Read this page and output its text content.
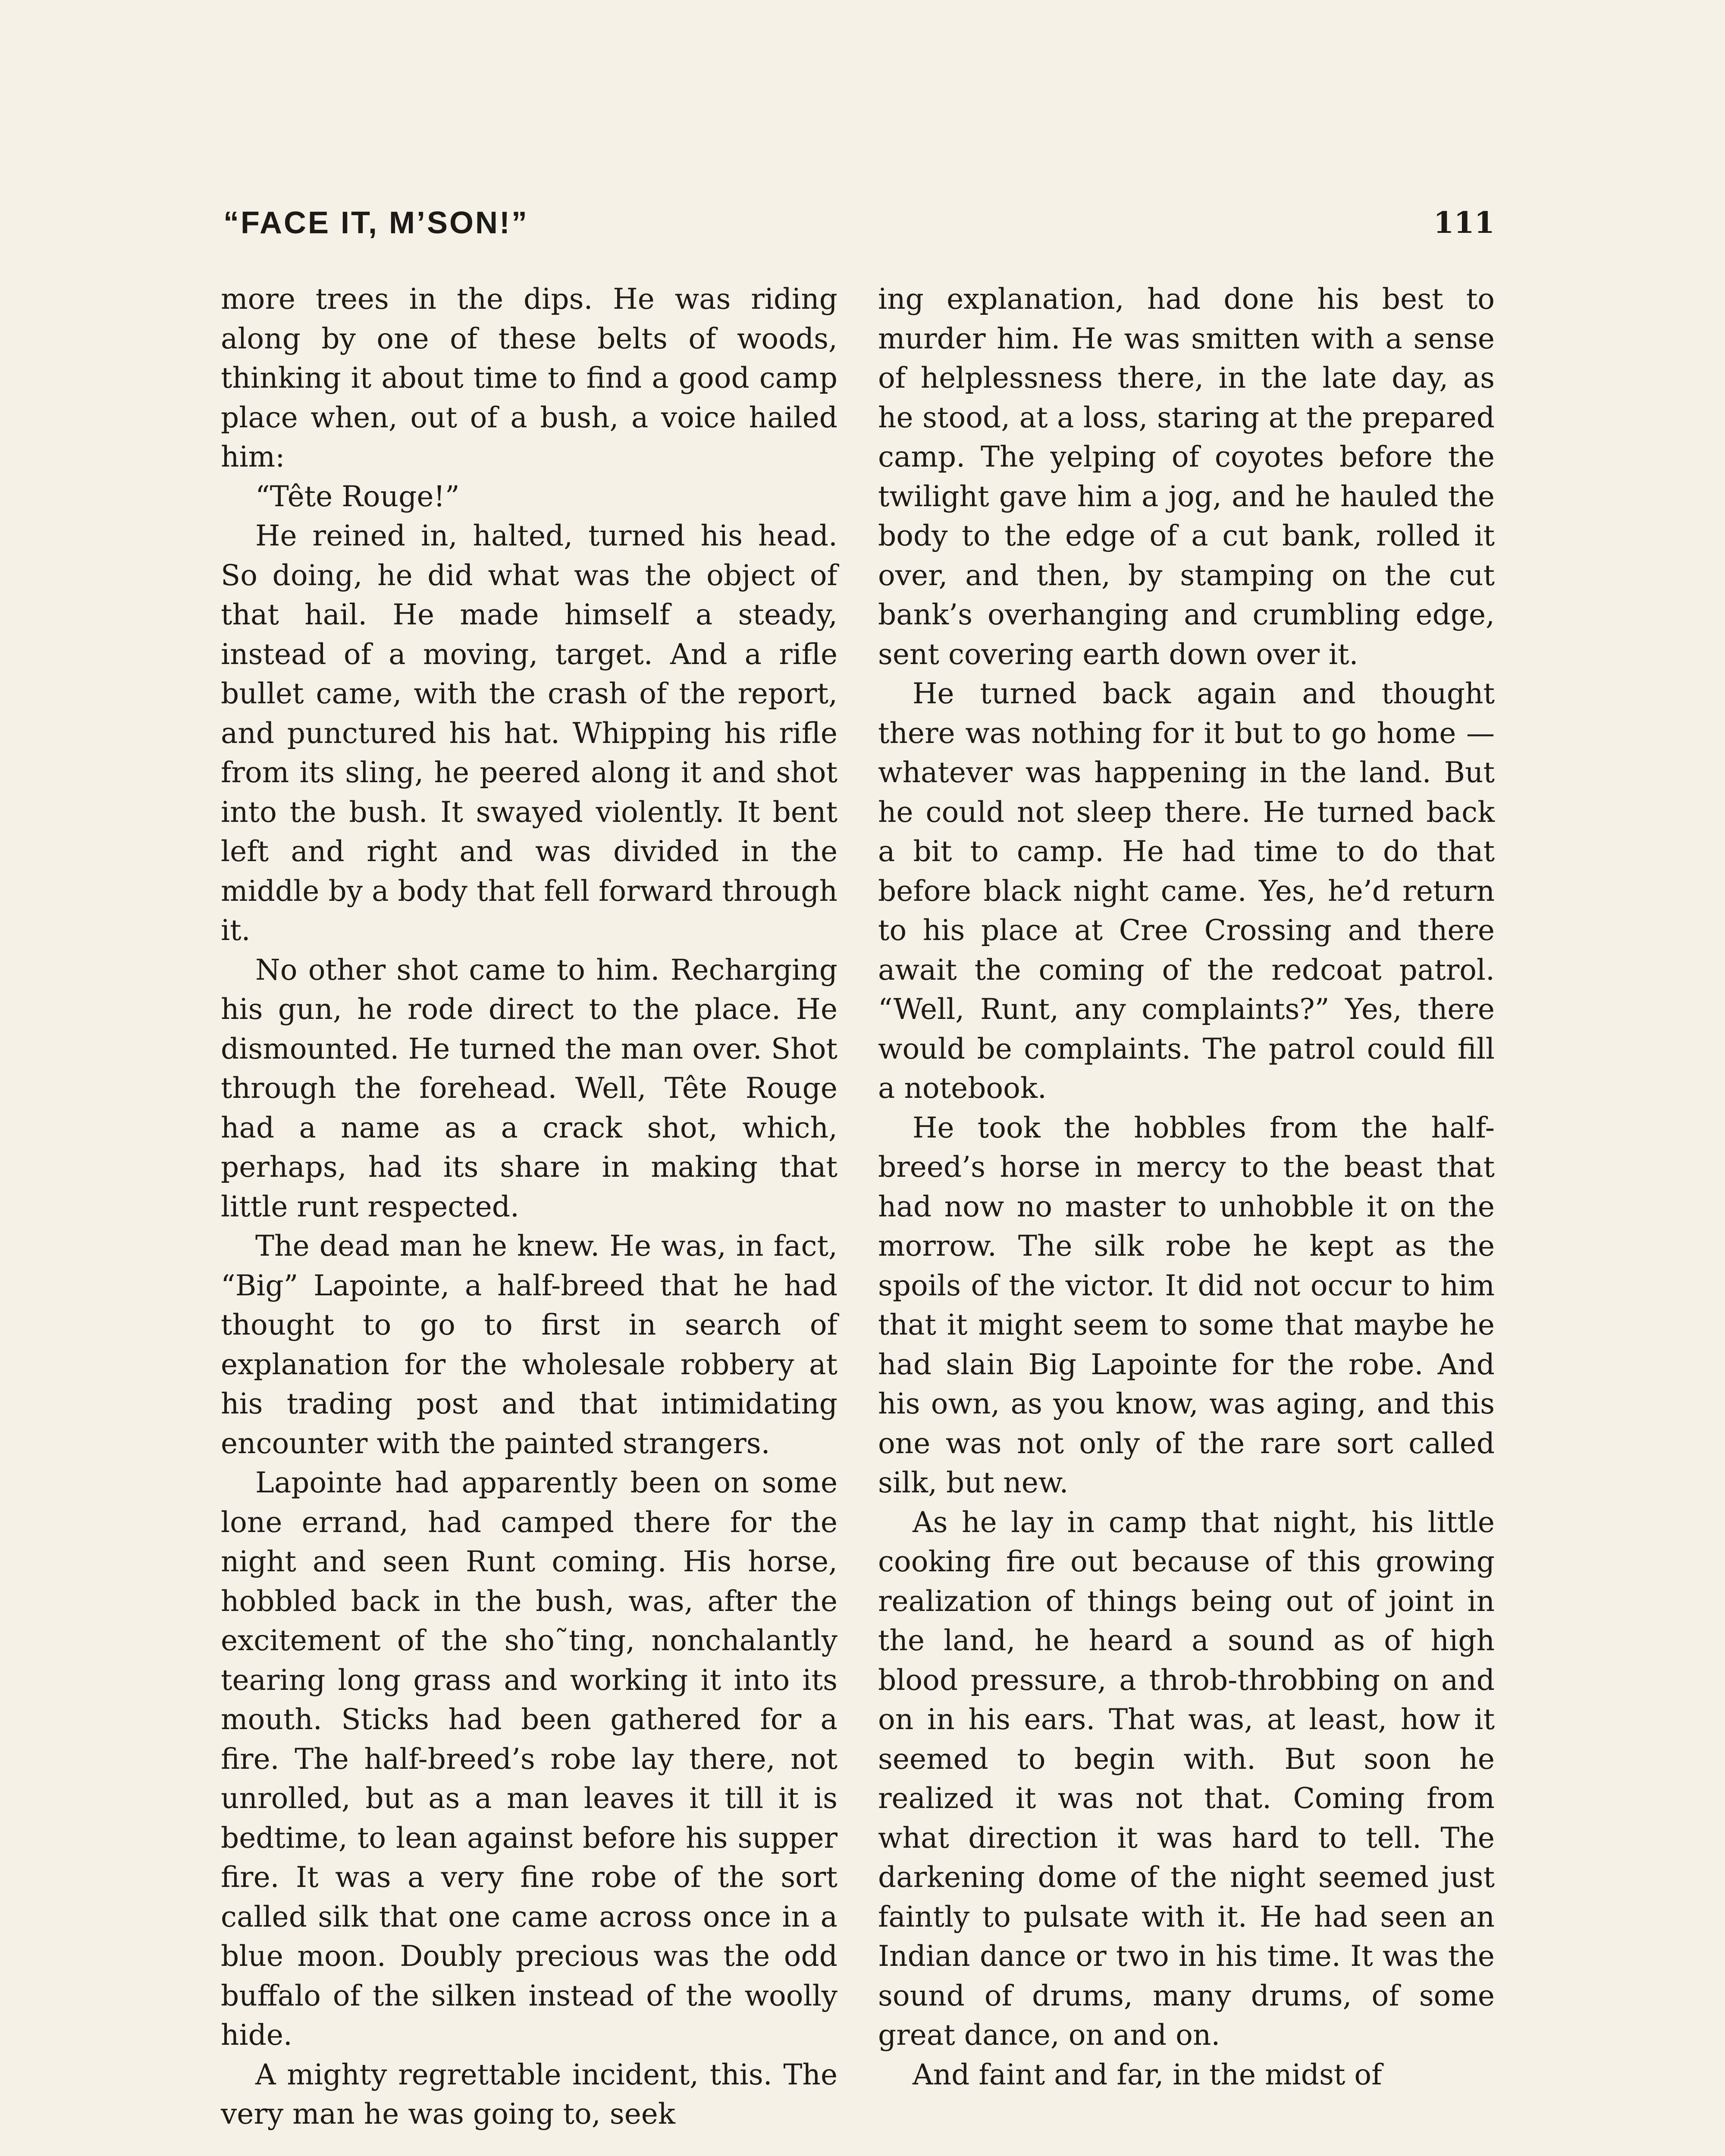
“FACE IT, M’SON!”	111

more trees in the dips. He was riding along by one of these belts of woods, thinking it about time to find a good camp place when, out of a bush, a voice hailed him:

“Tête Rouge!”

He reined in, halted, turned his head. So doing, he did what was the object of that hail. He made himself a steady, instead of a moving, target. And a rifle bullet came, with the crash of the report, and punctured his hat. Whipping his rifle from its sling, he peered along it and shot into the bush. It swayed violently. It bent left and right and was divided in the middle by a body that fell forward through it.

No other shot came to him. Recharging his gun, he rode direct to the place. He dismounted. He turned the man over. Shot through the forehead. Well, Tête Rouge had a name as a crack shot, which, perhaps, had its share in making that little runt respected.

The dead man he knew. He was, in fact, “Big” Lapointe, a half-breed that he had thought to go to first in search of explanation for the wholesale robbery at his trading post and that intimidating encounter with the painted strangers.

Lapointe had apparently been on some lone errand, had camped there for the night and seen Runt coming. His horse, hobbled back in the bush, was, after the excitement of the sho˜ting, nonchalantly tearing long grass and working it into its mouth. Sticks had been gathered for a fire. The half-breed’s robe lay there, not unrolled, but as a man leaves it till it is bedtime, to lean against before his supper fire. It was a very fine robe of the sort called silk that one came across once in a blue moon. Doubly precious was the odd buffalo of the silken instead of the woolly hide.

A mighty regrettable incident, this. The very man he was going to, seek

ing explanation, had done his best to murder him. He was smitten with a sense of helplessness there, in the late day, as he stood, at a loss, staring at the prepared camp. The yelping of coyotes before the twilight gave him a jog, and he hauled the body to the edge of a cut bank, rolled it over, and then, by stamping on the cut bank’s overhanging and crumbling edge, sent covering earth down over it.

He turned back again and thought there was nothing for it but to go home —whatever was happening in the land. But he could not sleep there. He turned back a bit to camp. He had time to do that before black night came. Yes, he’d return to his place at Cree Crossing and there await the coming of the redcoat patrol. “Well, Runt, any complaints?” Yes, there would be complaints. The patrol could fill a notebook.

He took the hobbles from the half-breed’s horse in mercy to the beast that had now no master to unhobble it on the morrow. The silk robe he kept as the spoils of the victor. It did not occur to him that it might seem to some that maybe he had slain Big Lapointe for the robe. And his own, as you know, was aging, and this one was not only of the rare sort called silk, but new.

As he lay in camp that night, his little cooking fire out because of this growing realization of things being out of joint in the land, he heard a sound as of high blood pressure, a throb-throbbing on and on in his ears. That was, at least, how it seemed to begin with. But soon he realized it was not that. Coming from what direction it was hard to tell. The darkening dome of the night seemed just faintly to pulsate with it. He had seen an Indian dance or two in his time. It was the sound of drums, many drums, of some great dance, on and on.

And faint and far, in the midst of
